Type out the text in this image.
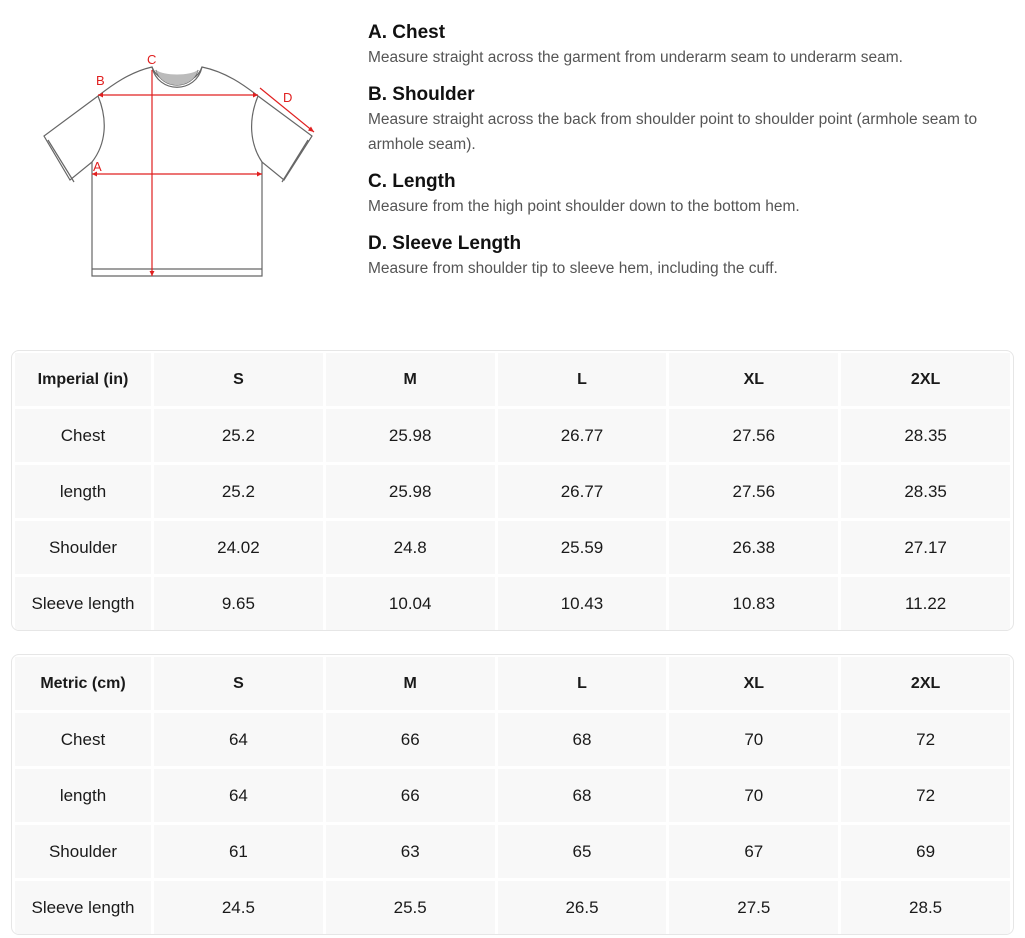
C
B
D
A
A. Chest
Measure straight across the garment from underarm seam to underarm seam.
B. Shoulder
Measure straight across the back from shoulder point to shoulder point (armhole seam to armhole seam).
C. Length
Measure from the high point shoulder down to the bottom hem.
D. Sleeve Length
Measure from shoulder tip to sleeve hem, including the cuff.
Imperial (in)	S	M	L	XL	2XL
Chest	25.2	25.98	26.77	27.56	28.35
length	25.2	25.98	26.77	27.56	28.35
Shoulder	24.02	24.8	25.59	26.38	27.17
Sleeve length	9.65	10.04	10.43	10.83	11.22
Metric (cm)	S	M	L	XL	2XL
Chest	64	66	68	70	72
length	64	66	68	70	72
Shoulder	61	63	65	67	69
Sleeve length	24.5	25.5	26.5	27.5	28.5
